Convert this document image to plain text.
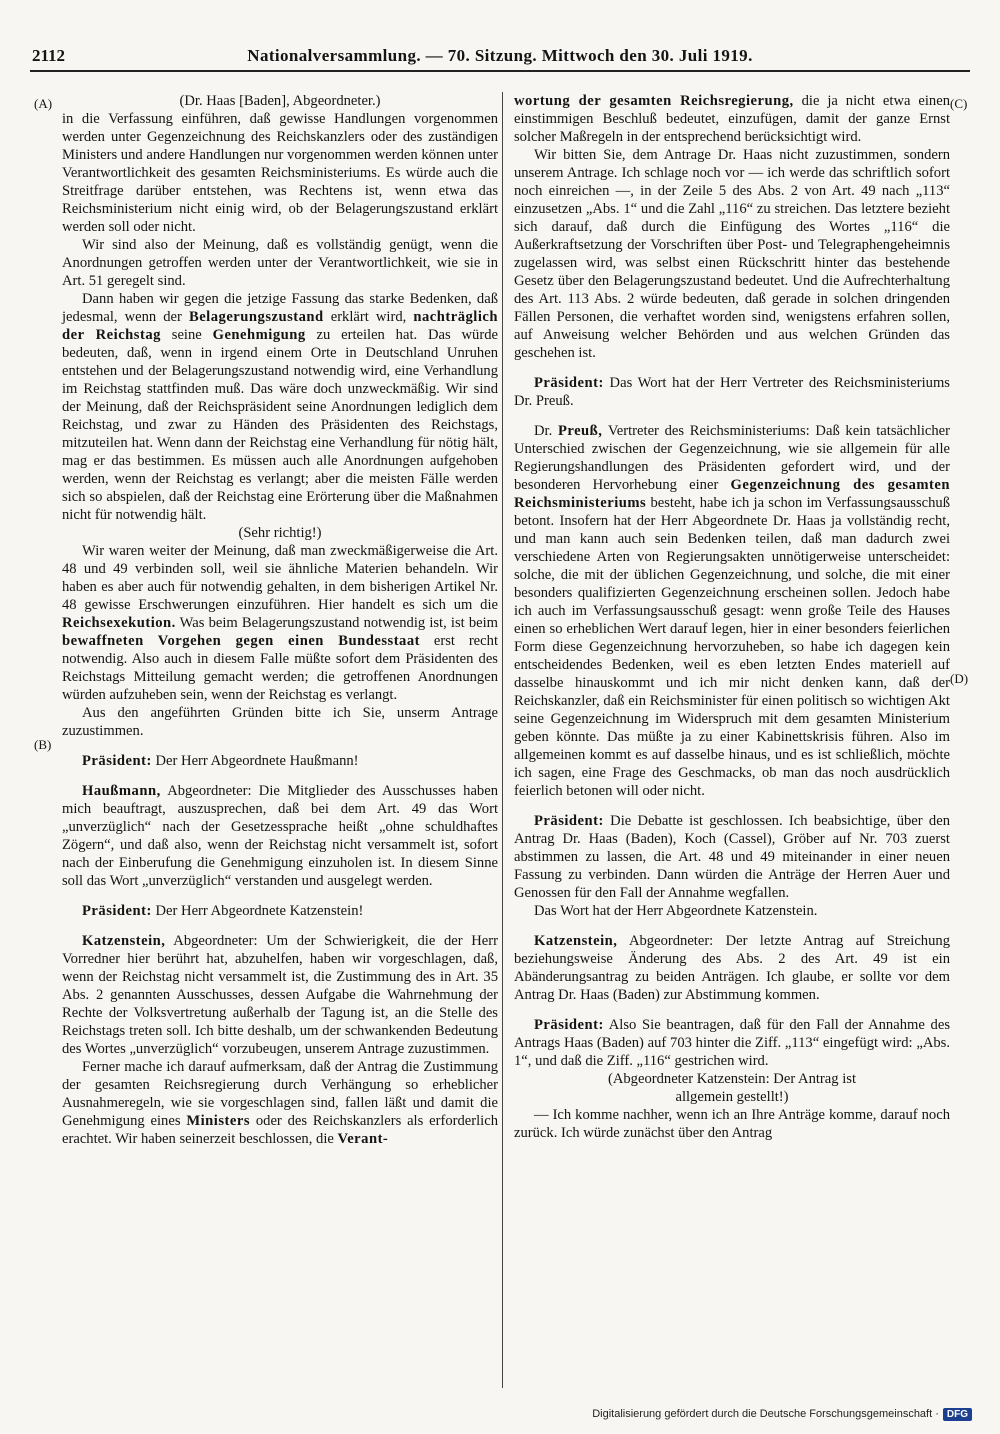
2112	Nationalversammlung. — 70. Sitzung. Mittwoch den 30. Juli 1919.
(A)
(B)
(C)
(D)

(Dr. Haas [Baden], Abgeordneter.)

in die Verfassung einführen, daß gewisse Handlungen vorgenommen werden unter Gegenzeichnung des Reichskanzlers oder des zuständigen Ministers und andere Handlungen nur vorgenommen werden können unter Verantwortlichkeit des gesamten Reichsministeriums. Es würde auch die Streitfrage darüber entstehen, was Rechtens ist, wenn etwa das Reichsministerium nicht einig wird, ob der Belagerungszustand erklärt werden soll oder nicht.

Wir sind also der Meinung, daß es vollständig genügt, wenn die Anordnungen getroffen werden unter der Verantwortlichkeit, wie sie in Art. 51 geregelt sind.

Dann haben wir gegen die jetzige Fassung das starke Bedenken, daß jedesmal, wenn der Belagerungszustand erklärt wird, nachträglich der Reichstag seine Genehmigung zu erteilen hat. Das würde bedeuten, daß, wenn in irgend einem Orte in Deutschland Unruhen entstehen und der Belagerungszustand notwendig wird, eine Verhandlung im Reichstag stattfinden muß. Das wäre doch unzweckmäßig. Wir sind der Meinung, daß der Reichspräsident seine Anordnungen lediglich dem Reichstag, und zwar zu Händen des Präsidenten des Reichstags, mitzuteilen hat. Wenn dann der Reichstag eine Verhandlung für nötig hält, mag er das bestimmen. Es müssen auch alle Anordnungen aufgehoben werden, wenn der Reichstag es verlangt; aber die meisten Fälle werden sich so abspielen, daß der Reichstag eine Erörterung über die Maßnahmen nicht für notwendig hält.

(Sehr richtig!)

Wir waren weiter der Meinung, daß man zweckmäßigerweise die Art. 48 und 49 verbinden soll, weil sie ähnliche Materien behandeln. Wir haben es aber auch für notwendig gehalten, in dem bisherigen Artikel Nr. 48 gewisse Erschwerungen einzuführen. Hier handelt es sich um die Reichsexekution. Was beim Belagerungszustand notwendig ist, ist beim bewaffneten Vorgehen gegen einen Bundesstaat erst recht notwendig. Also auch in diesem Falle müßte sofort dem Präsidenten des Reichstags Mitteilung gemacht werden; die getroffenen Anordnungen würden aufzuheben sein, wenn der Reichstag es verlangt.

Aus den angeführten Gründen bitte ich Sie, unserm Antrage zuzustimmen.

Präsident: Der Herr Abgeordnete Haußmann!

Haußmann, Abgeordneter: Die Mitglieder des Ausschusses haben mich beauftragt, auszusprechen, daß bei dem Art. 49 das Wort „unverzüglich“ nach der Gesetzessprache heißt „ohne schuldhaftes Zögern“, und daß also, wenn der Reichstag nicht versammelt ist, sofort nach der Einberufung die Genehmigung einzuholen ist. In diesem Sinne soll das Wort „unverzüglich“ verstanden und ausgelegt werden.

Präsident: Der Herr Abgeordnete Katzenstein!

Katzenstein, Abgeordneter: Um der Schwierigkeit, die der Herr Vorredner hier berührt hat, abzuhelfen, haben wir vorgeschlagen, daß, wenn der Reichstag nicht versammelt ist, die Zustimmung des in Art. 35 Abs. 2 genannten Ausschusses, dessen Aufgabe die Wahrnehmung der Rechte der Volksvertretung außerhalb der Tagung ist, an die Stelle des Reichstags treten soll. Ich bitte deshalb, um der schwankenden Bedeutung des Wortes „unverzüglich“ vorzubeugen, unserem Antrage zuzustimmen.

Ferner mache ich darauf aufmerksam, daß der Antrag die Zustimmung der gesamten Reichsregierung durch Verhängung so erheblicher Ausnahmeregeln, wie sie vorgeschlagen sind, fallen läßt und damit die Genehmigung eines Ministers oder des Reichskanzlers als erforderlich erachtet. Wir haben seinerzeit beschlossen, die Verant-

wortung der gesamten Reichsregierung, die ja nicht etwa einen einstimmigen Beschluß bedeutet, einzufügen, damit der ganze Ernst solcher Maßregeln in der entsprechend berücksichtigt wird.

Wir bitten Sie, dem Antrage Dr. Haas nicht zuzustimmen, sondern unserem Antrage. Ich schlage noch vor — ich werde das schriftlich sofort noch einreichen —, in der Zeile 5 des Abs. 2 von Art. 49 nach „113“ einzusetzen „Abs. 1“ und die Zahl „116“ zu streichen. Das letztere bezieht sich darauf, daß durch die Einfügung des Wortes „116“ die Außerkraftsetzung der Vorschriften über Post- und Telegraphengeheimnis zugelassen wird, was selbst einen Rückschritt hinter das bestehende Gesetz über den Belagerungszustand bedeutet. Und die Aufrechterhaltung des Art. 113 Abs. 2 würde bedeuten, daß gerade in solchen dringenden Fällen Personen, die verhaftet worden sind, wenigstens erfahren sollen, auf Anweisung welcher Behörden und aus welchen Gründen das geschehen ist.

Präsident: Das Wort hat der Herr Vertreter des Reichsministeriums Dr. Preuß.

Dr. Preuß, Vertreter des Reichsministeriums: Daß kein tatsächlicher Unterschied zwischen der Gegenzeichnung, wie sie allgemein für alle Regierungshandlungen des Präsidenten gefordert wird, und der besonderen Hervorhebung einer Gegenzeichnung des gesamten Reichsministeriums besteht, habe ich ja schon im Verfassungsausschuß betont. Insofern hat der Herr Abgeordnete Dr. Haas ja vollständig recht, und man kann auch sein Bedenken teilen, daß man dadurch zwei verschiedene Arten von Regierungsakten unnötigerweise unterscheidet: solche, die mit der üblichen Gegenzeichnung, und solche, die mit einer besonders qualifizierten Gegenzeichnung erscheinen sollen. Jedoch habe ich auch im Verfassungsausschuß gesagt: wenn große Teile des Hauses einen so erheblichen Wert darauf legen, hier in einer besonders feierlichen Form diese Gegenzeichnung hervorzuheben, so habe ich dagegen kein entscheidendes Bedenken, weil es eben letzten Endes materiell auf dasselbe hinauskommt und ich mir nicht denken kann, daß der Reichskanzler, daß ein Reichsminister für einen politisch so wichtigen Akt seine Gegenzeichnung im Widerspruch mit dem gesamten Ministerium geben könnte. Das müßte ja zu einer Kabinettskrisis führen. Also im allgemeinen kommt es auf dasselbe hinaus, und es ist schließlich, möchte ich sagen, eine Frage des Geschmacks, ob man das noch ausdrücklich feierlich betonen will oder nicht.

Präsident: Die Debatte ist geschlossen. Ich beabsichtige, über den Antrag Dr. Haas (Baden), Koch (Cassel), Gröber auf Nr. 703 zuerst abstimmen zu lassen, die Art. 48 und 49 miteinander in einer neuen Fassung zu verbinden. Dann würden die Anträge der Herren Auer und Genossen für den Fall der Annahme wegfallen.

Das Wort hat der Herr Abgeordnete Katzenstein.

Katzenstein, Abgeordneter: Der letzte Antrag auf Streichung beziehungsweise Änderung des Abs. 2 des Art. 49 ist ein Abänderungsantrag zu beiden Anträgen. Ich glaube, er sollte vor dem Antrag Dr. Haas (Baden) zur Abstimmung kommen.

Präsident: Also Sie beantragen, daß für den Fall der Annahme des Antrags Haas (Baden) auf 703 hinter die Ziff. „113“ eingefügt wird: „Abs. 1“, und daß die Ziff. „116“ gestrichen wird.

(Abgeordneter Katzenstein: Der Antrag ist

allgemein gestellt!)

— Ich komme nachher, wenn ich an Ihre Anträge komme, darauf noch zurück. Ich würde zunächst über den Antrag

Digitalisierung gefördert durch die Deutsche Forschungsgemeinschaft · DFG
